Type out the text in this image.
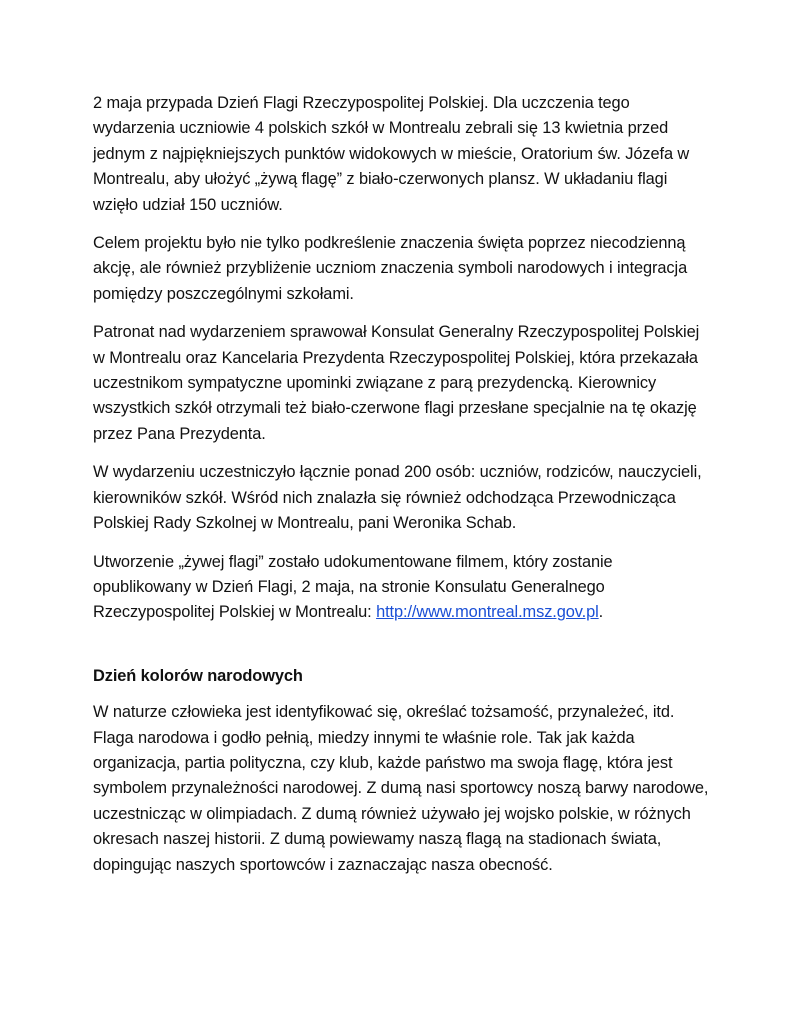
2 maja przypada Dzień Flagi Rzeczypospolitej Polskiej. Dla uczczenia tego wydarzenia uczniowie 4 polskich szkół w Montrealu zebrali się 13 kwietnia przed jednym z najpiękniejszych punktów widokowych w mieście, Oratorium św. Józefa w Montrealu, aby ułożyć „żywą flagę” z biało-czerwonych plansz. W układaniu flagi wzięło udział 150 uczniów.

Celem projektu było nie tylko podkreślenie znaczenia święta poprzez niecodzienną akcję, ale również przybliżenie uczniom znaczenia symboli narodowych i integracja pomiędzy poszczególnymi szkołami.

Patronat nad wydarzeniem sprawował Konsulat Generalny Rzeczypospolitej Polskiej w Montrealu oraz Kancelaria Prezydenta Rzeczypospolitej Polskiej, która przekazała uczestnikom sympatyczne upominki związane z parą prezydencką. Kierownicy wszystkich szkół otrzymali też biało-czerwone flagi przesłane specjalnie na tę okazję przez Pana Prezydenta.

W wydarzeniu uczestniczyło łącznie ponad 200 osób: uczniów, rodziców, nauczycieli, kierowników szkół. Wśród nich znalazła się również odchodząca Przewodnicząca Polskiej Rady Szkolnej w Montrealu, pani Weronika Schab.

Utworzenie „żywej flagi” zostało udokumentowane filmem, który zostanie opublikowany w Dzień Flagi, 2 maja, na stronie Konsulatu Generalnego Rzeczypospolitej Polskiej w Montrealu: http://www.montreal.msz.gov.pl.

Dzień kolorów narodowych

W naturze człowieka jest identyfikować się, określać tożsamość, przynależeć, itd. Flaga narodowa i godło pełnią, miedzy innymi te właśnie role. Tak jak każda organizacja, partia polityczna, czy klub, każde państwo ma swoja flagę, która jest symbolem przynależności narodowej. Z dumą nasi sportowcy noszą barwy narodowe, uczestnicząc w olimpiadach. Z dumą również używało jej wojsko polskie, w różnych okresach naszej historii. Z dumą powiewamy naszą flagą na stadionach świata, dopingując naszych sportowców i zaznaczając nasza obecność.
